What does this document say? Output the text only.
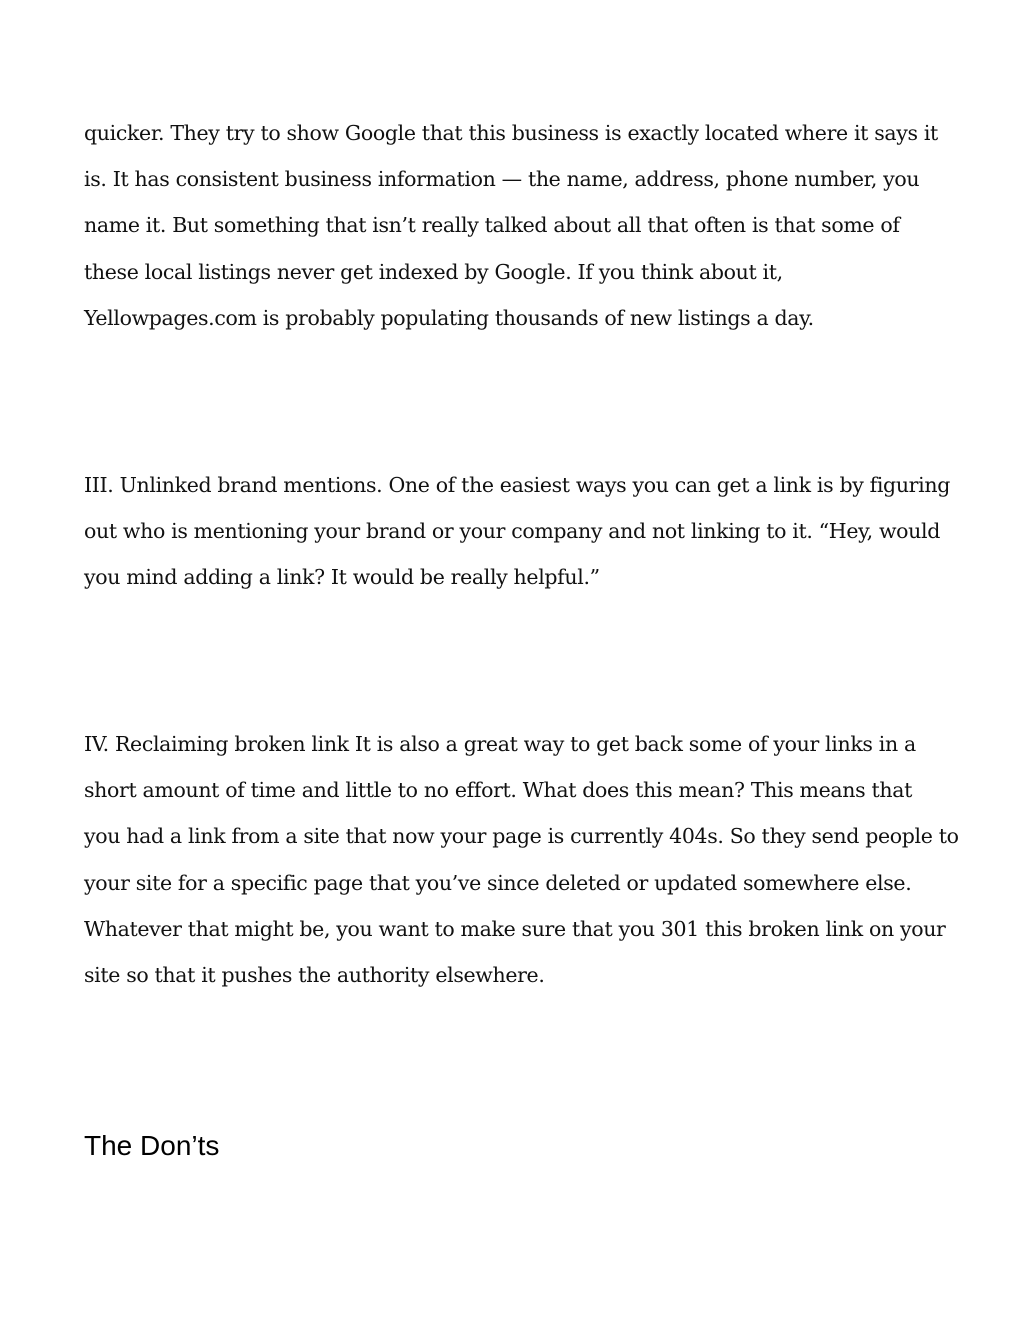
quicker. They try to show Google that this business is exactly located where it says it
is. It has consistent business information — the name, address, phone number, you
name it. But something that isn’t really talked about all that often is that some of
these local listings never get indexed by Google. If you think about it,
Yellowpages.com is probably populating thousands of new listings a day.

III. Unlinked brand mentions. One of the easiest ways you can get a link is by figuring
out who is mentioning your brand or your company and not linking to it. “Hey, would
you mind adding a link? It would be really helpful.”

IV. Reclaiming broken link It is also a great way to get back some of your links in a
short amount of time and little to no effort. What does this mean? This means that
you had a link from a site that now your page is currently 404s. So they send people to
your site for a specific page that you’ve since deleted or updated somewhere else.
Whatever that might be, you want to make sure that you 301 this broken link on your
site so that it pushes the authority elsewhere.

The Don’ts
